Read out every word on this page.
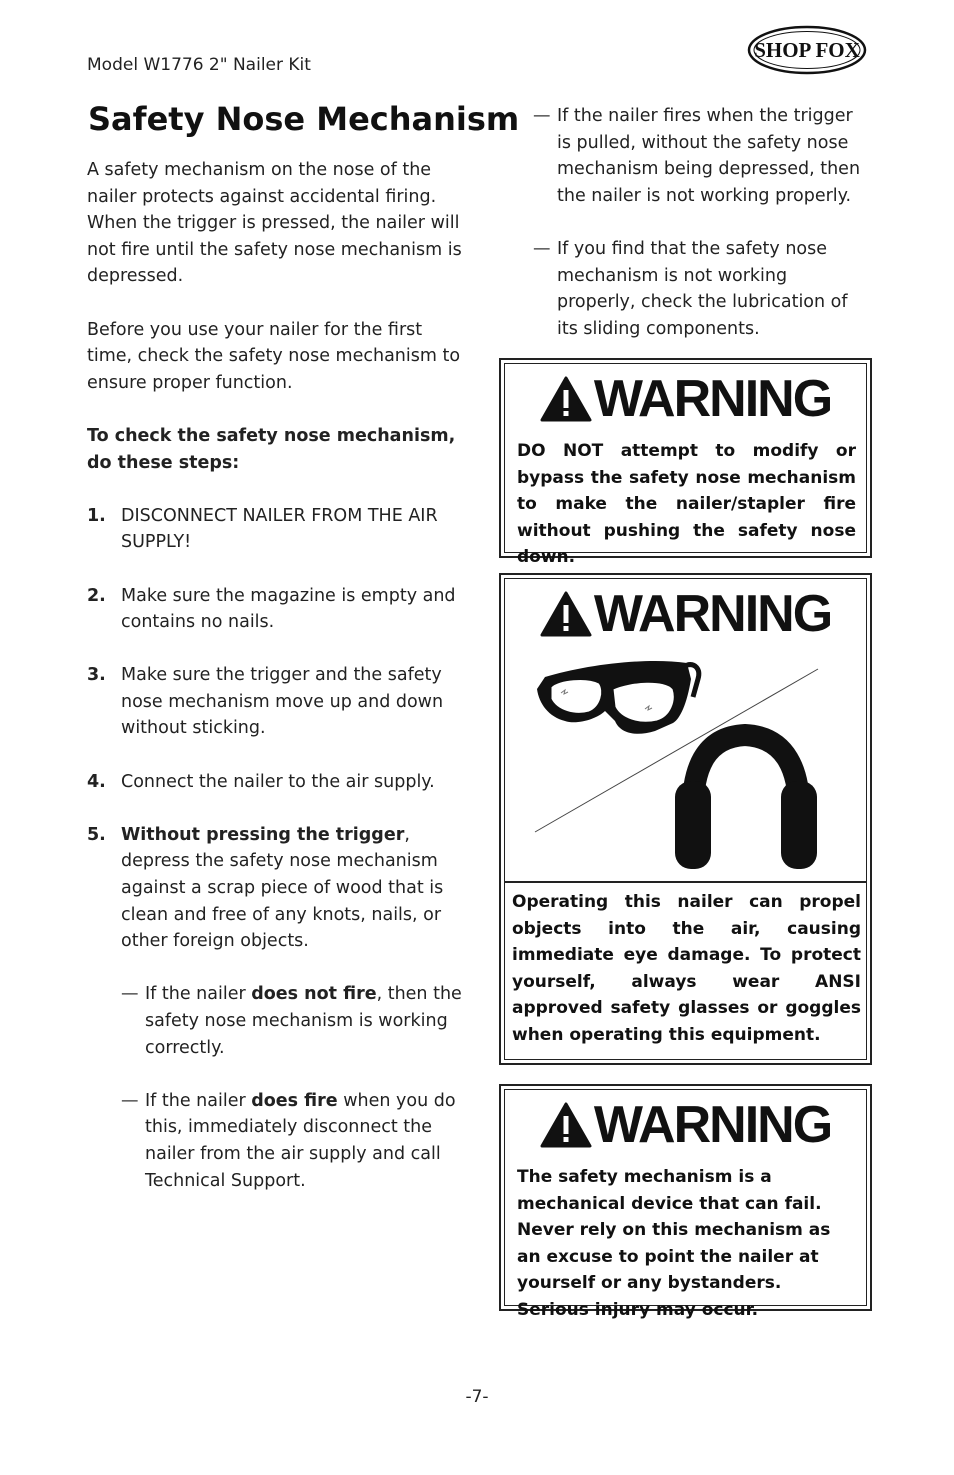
Model W1776 2" Nailer Kit
SHOP FOX
Safety Nose Mechanism

A safety mechanism on the nose of the nailer protects against accidental firing. When the trigger is pressed, the nailer will not fire until the safety nose mechanism is depressed.

Before you use your nailer for the first time, check the safety nose mechanism to ensure proper function.

To check the safety nose mechanism, do these steps:

1. DISCONNECT NAILER FROM THE AIR SUPPLY!
2. Make sure the magazine is empty and contains no nails.
3. Make sure the trigger and the safety nose mechanism move up and down without sticking.
4. Connect the nailer to the air supply.
5. Without pressing the trigger, depress the safety nose mechanism against a scrap piece of wood that is clean and free of any knots, nails, or other foreign objects.
— If the nailer does not fire, then the safety nose mechanism is working correctly.
— If the nailer does fire when you do this, immediately disconnect the nailer from the air supply and call Technical Support.
— If the nailer fires when the trigger is pulled, without the safety nose mechanism being depressed, then the nailer is not working properly.
— If you find that the safety nose mechanism is not working properly, check the lubrication of its sliding components.
WARNING
DO NOT attempt to modify or bypass the safety nose mechanism to make the nailer/stapler fire without pushing the safety nose down.
WARNING
Operating this nailer can propel objects into the air, causing immediate eye damage. To protect yourself, always wear ANSI approved safety glasses or goggles when operating this equipment.
WARNING
The safety mechanism is a mechanical device that can fail. Never rely on this mechanism as an excuse to point the nailer at yourself or any bystanders. Serious injury may occur.
-7-
